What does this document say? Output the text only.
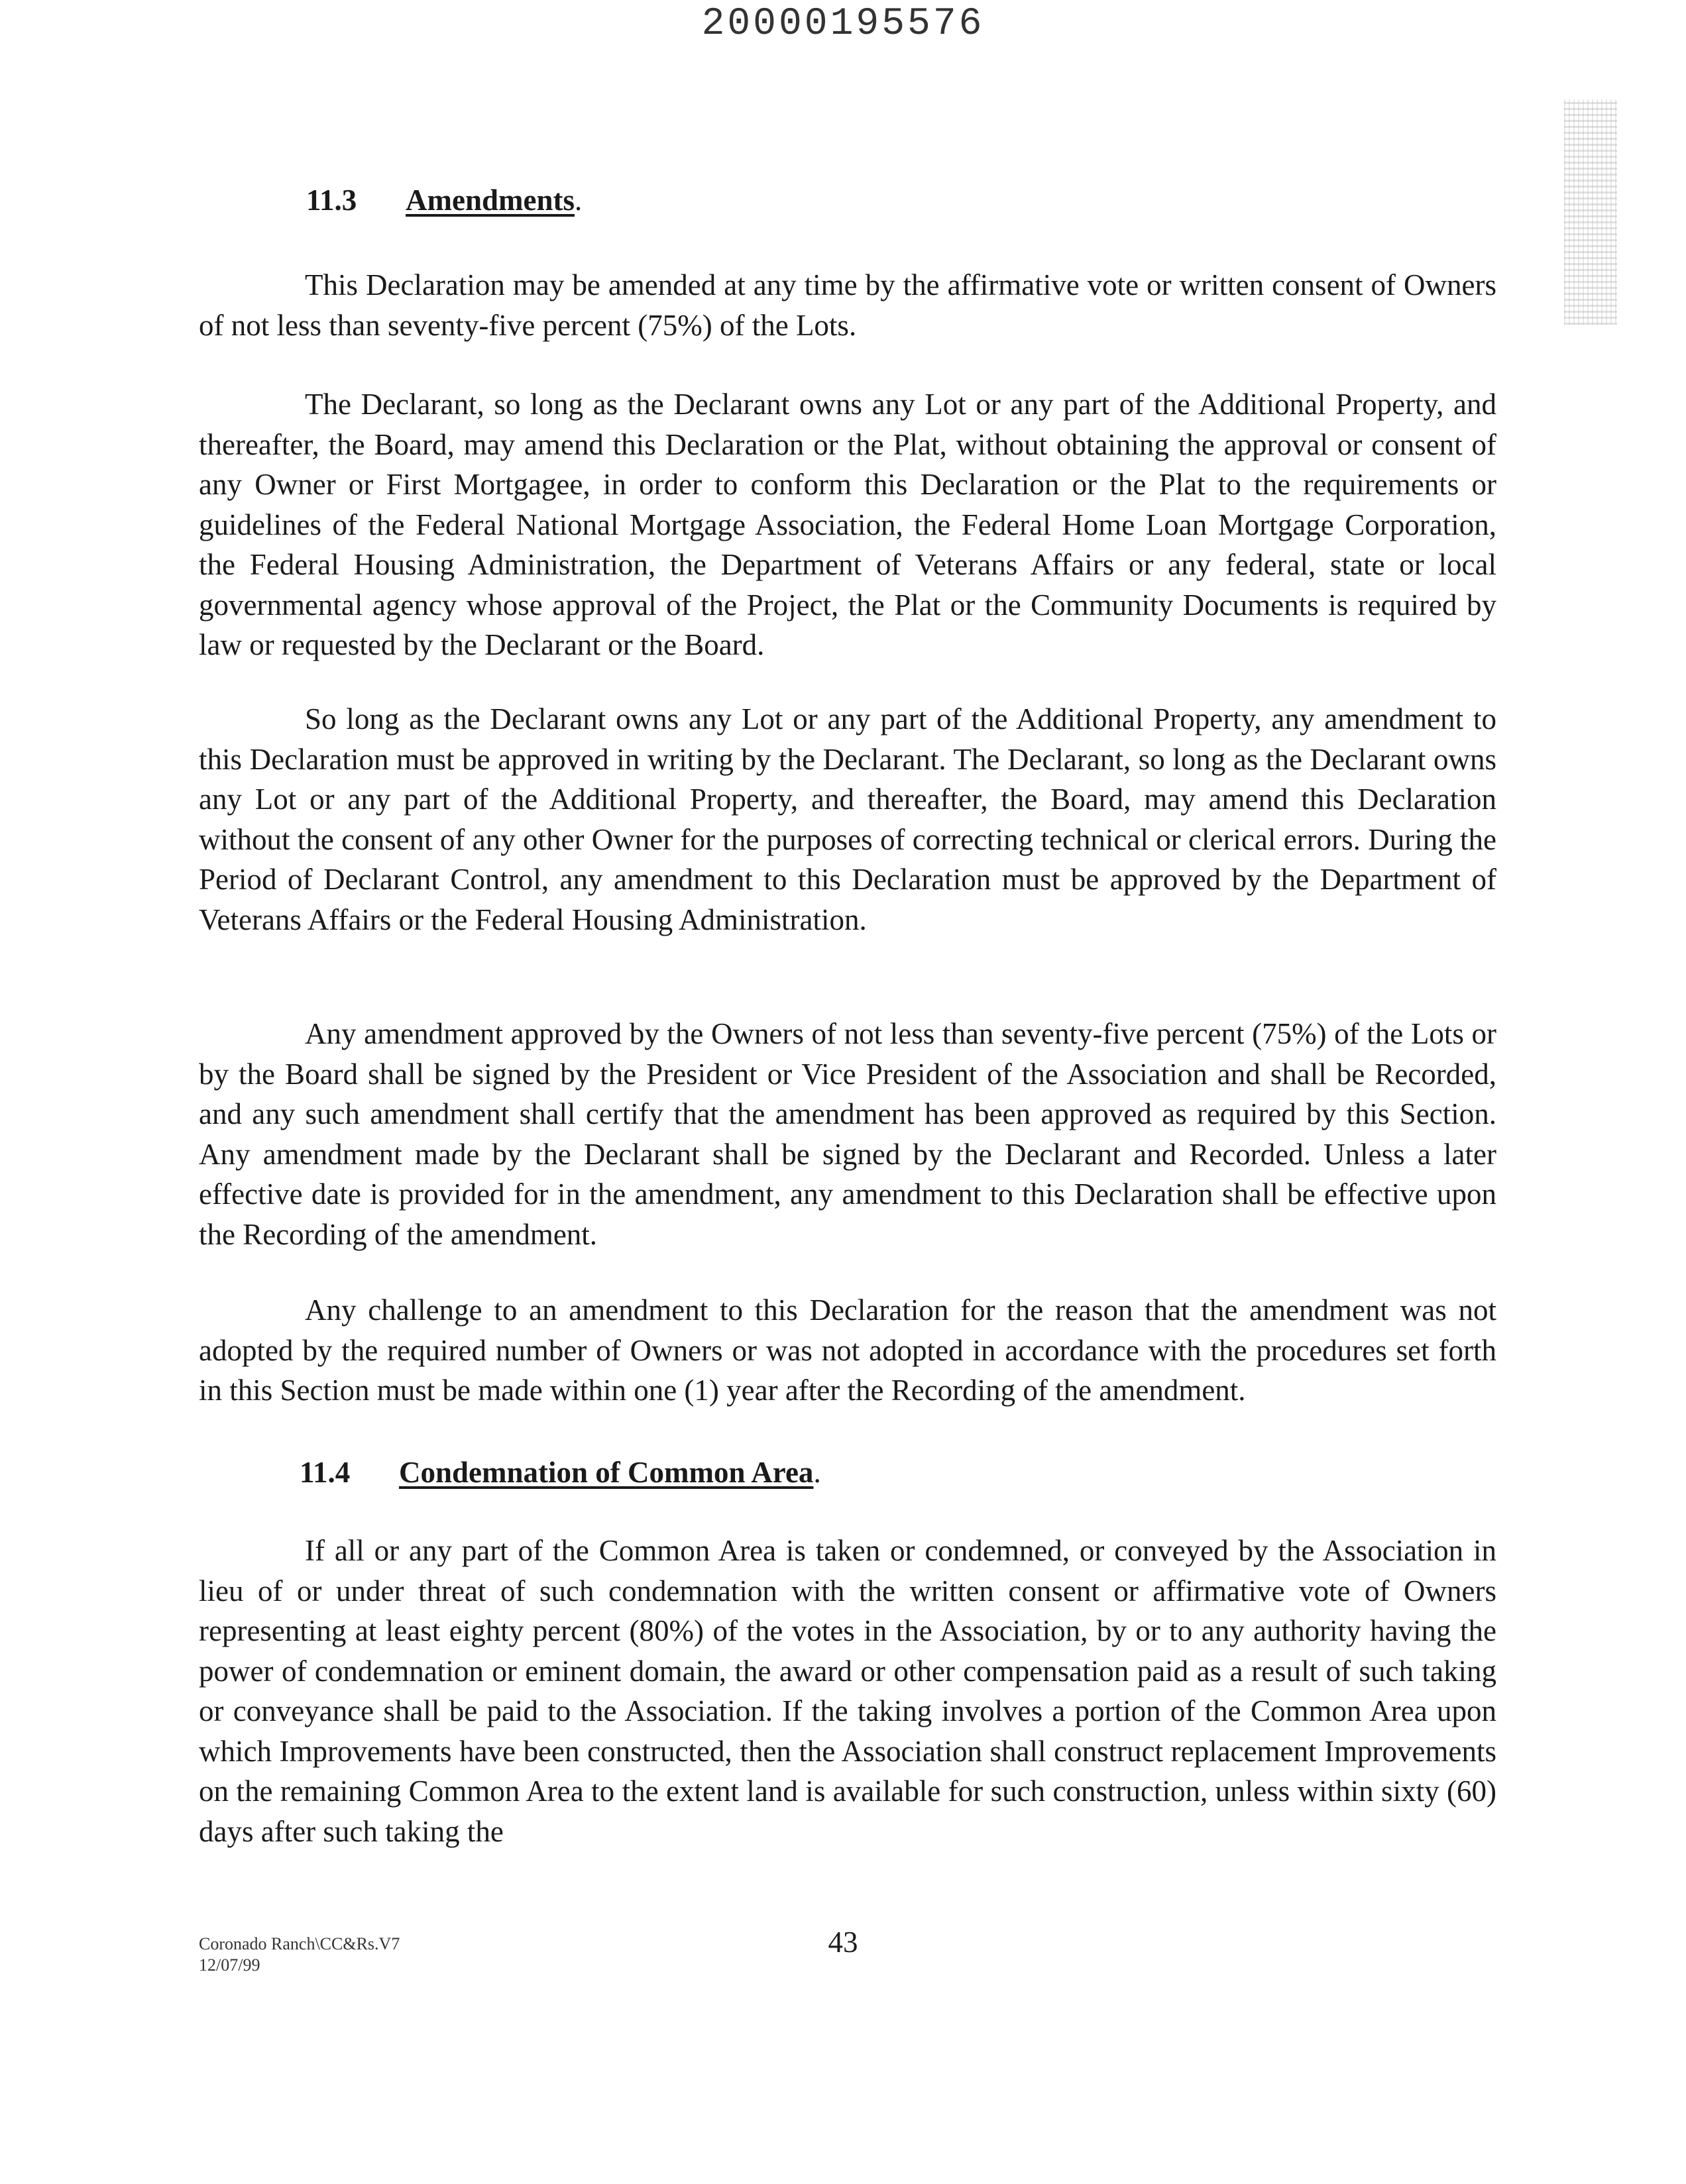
20000195576
11.3 Amendments.

This Declaration may be amended at any time by the affirmative vote or written consent of Owners of not less than seventy-five percent (75%) of the Lots.

The Declarant, so long as the Declarant owns any Lot or any part of the Additional Property, and thereafter, the Board, may amend this Declaration or the Plat, without obtaining the approval or consent of any Owner or First Mortgagee, in order to conform this Declaration or the Plat to the requirements or guidelines of the Federal National Mortgage Association, the Federal Home Loan Mortgage Corporation, the Federal Housing Administration, the Department of Veterans Affairs or any federal, state or local governmental agency whose approval of the Project, the Plat or the Community Documents is required by law or requested by the Declarant or the Board.

So long as the Declarant owns any Lot or any part of the Additional Property, any amendment to this Declaration must be approved in writing by the Declarant. The Declarant, so long as the Declarant owns any Lot or any part of the Additional Property, and thereafter, the Board, may amend this Declaration without the consent of any other Owner for the purposes of correcting technical or clerical errors. During the Period of Declarant Control, any amendment to this Declaration must be approved by the Department of Veterans Affairs or the Federal Housing Administration.

Any amendment approved by the Owners of not less than seventy-five percent (75%) of the Lots or by the Board shall be signed by the President or Vice President of the Association and shall be Recorded, and any such amendment shall certify that the amendment has been approved as required by this Section. Any amendment made by the Declarant shall be signed by the Declarant and Recorded. Unless a later effective date is provided for in the amendment, any amendment to this Declaration shall be effective upon the Recording of the amendment.

Any challenge to an amendment to this Declaration for the reason that the amendment was not adopted by the required number of Owners or was not adopted in accordance with the procedures set forth in this Section must be made within one (1) year after the Recording of the amendment.

11.4 Condemnation of Common Area.

If all or any part of the Common Area is taken or condemned, or conveyed by the Association in lieu of or under threat of such condemnation with the written consent or affirmative vote of Owners representing at least eighty percent (80%) of the votes in the Association, by or to any authority having the power of condemnation or eminent domain, the award or other compensation paid as a result of such taking or conveyance shall be paid to the Association. If the taking involves a portion of the Common Area upon which Improvements have been constructed, then the Association shall construct replacement Improvements on the remaining Common Area to the extent land is available for such construction, unless within sixty (60) days after such taking the

Coronado Ranch\CC&Rs.V7
12/07/99
43
